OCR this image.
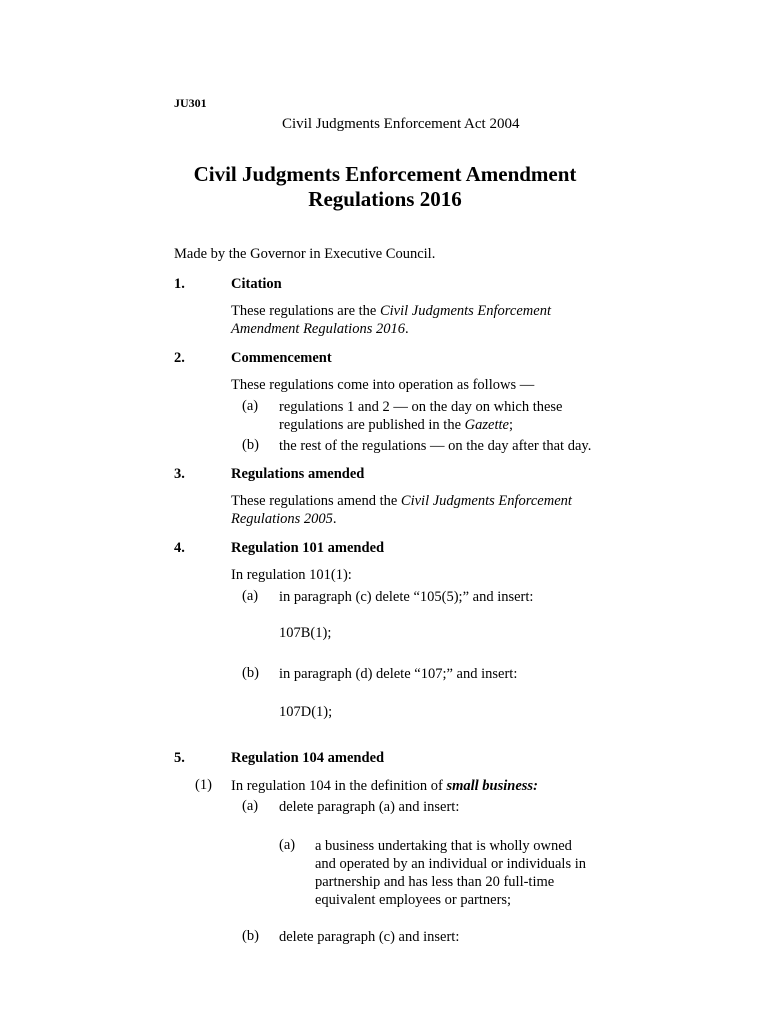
JU301
Civil Judgments Enforcement Act 2004
Civil Judgments Enforcement Amendment
Regulations 2016
Made by the Governor in Executive Council.
1.	Citation
These regulations are the Civil Judgments Enforcement
Amendment Regulations 2016.
2.	Commencement
These regulations come into operation as follows —
(a) regulations 1 and 2 — on the day on which these
regulations are published in the Gazette;
(b) the rest of the regulations — on the day after that day.
3.	Regulations amended
These regulations amend the Civil Judgments Enforcement
Regulations 2005.
4.	Regulation 101 amended
In regulation 101(1):
(a) in paragraph (c) delete “105(5);” and insert:
107B(1);
(b) in paragraph (d) delete “107;” and insert:
107D(1);
5.	Regulation 104 amended
(1) In regulation 104 in the definition of small business:
(a) delete paragraph (a) and insert:
(a) a business undertaking that is wholly owned
and operated by an individual or individuals in
partnership and has less than 20 full-time
equivalent employees or partners;
(b) delete paragraph (c) and insert:
